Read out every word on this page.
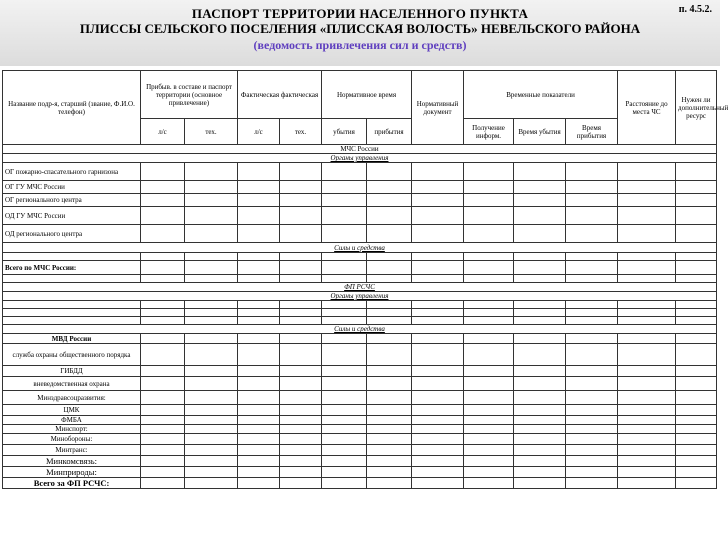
п. 4.5.2.
ПАСПОРТ ТЕРРИТОРИИ НАСЕЛЕННОГО ПУНКТА
ПЛИССЫ СЕЛЬСКОГО ПОСЕЛЕНИЯ «ПЛИССКАЯ ВОЛОСТЬ» НЕВЕЛЬСКОГО РАЙОНА
(ведомость привлечения сил и средств)
Название подр-я, старший (звание, Ф.И.О. телефон)	Прибыв. в составе и паспорт территории (основное привлечение)		Фактическая фактическая		Нормативное время		Нормативный документ	Временные показатели			Расстояние до места ЧС	Нужен ли дополнительный ресурс
	л/с	тех.	л/с	тех.	убытия	прибытия		Получение информ.	Время убытия	Время прибытия		
МЧС России												
Органы управления												
ОГ пожарно-спасательного гарнизона												
ОГ ГУ МЧС России												
ОГ регионального центра												
ОД ГУ МЧС России												
ОД регионального центра												
Силы и средства												

Всего по МЧС России:												

ФП РСЧС												
Органы управления												

Силы и средства												
МВД России												
служба охраны общественного порядка												
ГИБДД												
вневедомственная охрана												
Минздравсоцразвития:												
ЦМК												
ФМБА												
Минспорт:												
Минобороны:												
Минтранс:												
Минкомсвязь:												
Минприроды:												
Всего за ФП РСЧС:												
